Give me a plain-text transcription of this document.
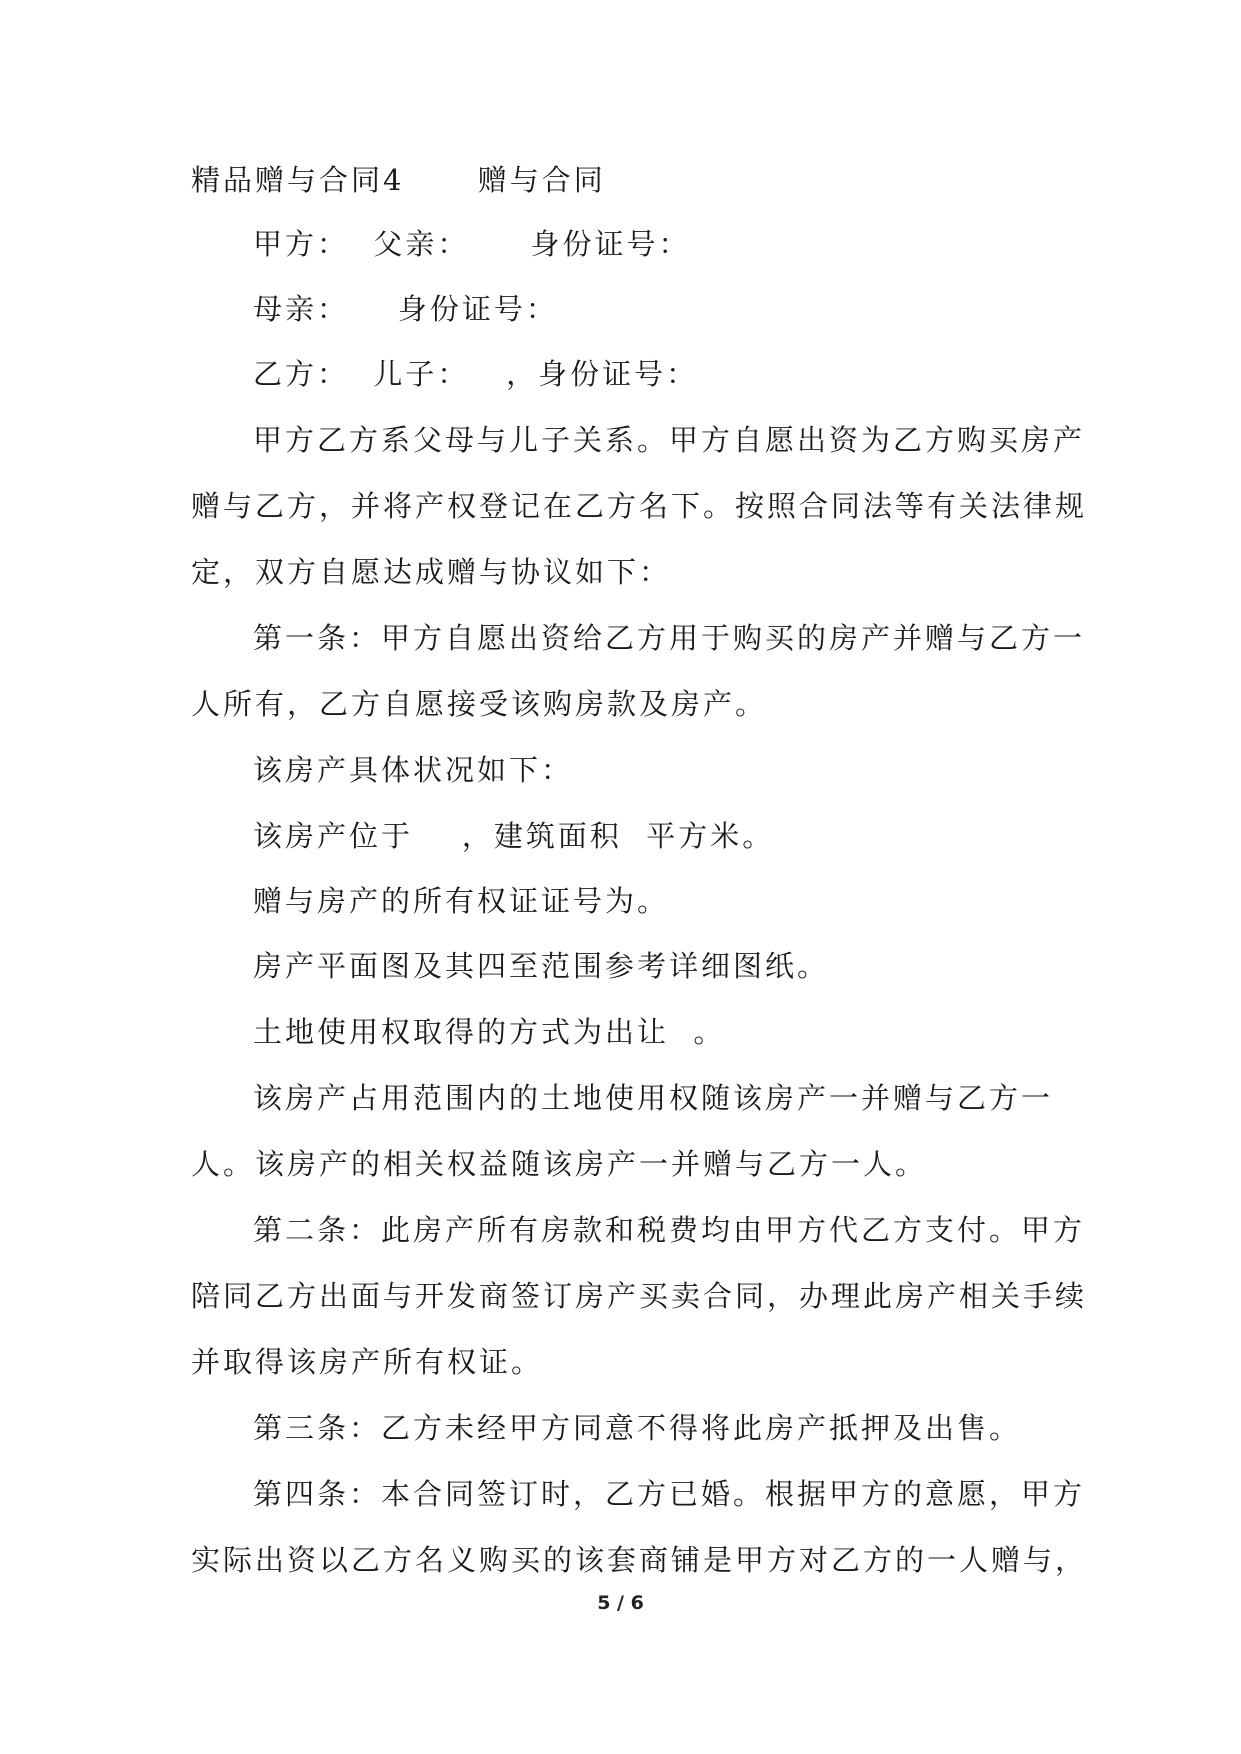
精品赠与合同4      赠与合同
甲方：  父亲：     身份证号：
母亲：    身份证号：
乙方：  儿子：   ，身份证号：
甲方乙方系父母与儿子关系。甲方自愿出资为乙方购买房产
赠与乙方，并将产权登记在乙方名下。按照合同法等有关法律规
定，双方自愿达成赠与协议如下：
第一条：甲方自愿出资给乙方用于购买的房产并赠与乙方一
人所有，乙方自愿接受该购房款及房产。
该房产具体状况如下：
该房产位于    ，建筑面积  平方米。
赠与房产的所有权证证号为。
房产平面图及其四至范围参考详细图纸。
土地使用权取得的方式为出让  。
该房产占用范围内的土地使用权随该房产一并赠与乙方一
人。该房产的相关权益随该房产一并赠与乙方一人。
第二条：此房产所有房款和税费均由甲方代乙方支付。甲方
陪同乙方出面与开发商签订房产买卖合同，办理此房产相关手续
并取得该房产所有权证。
第三条：乙方未经甲方同意不得将此房产抵押及出售。
第四条：本合同签订时，乙方已婚。根据甲方的意愿，甲方
实际出资以乙方名义购买的该套商铺是甲方对乙方的一人赠与，
5 / 6
